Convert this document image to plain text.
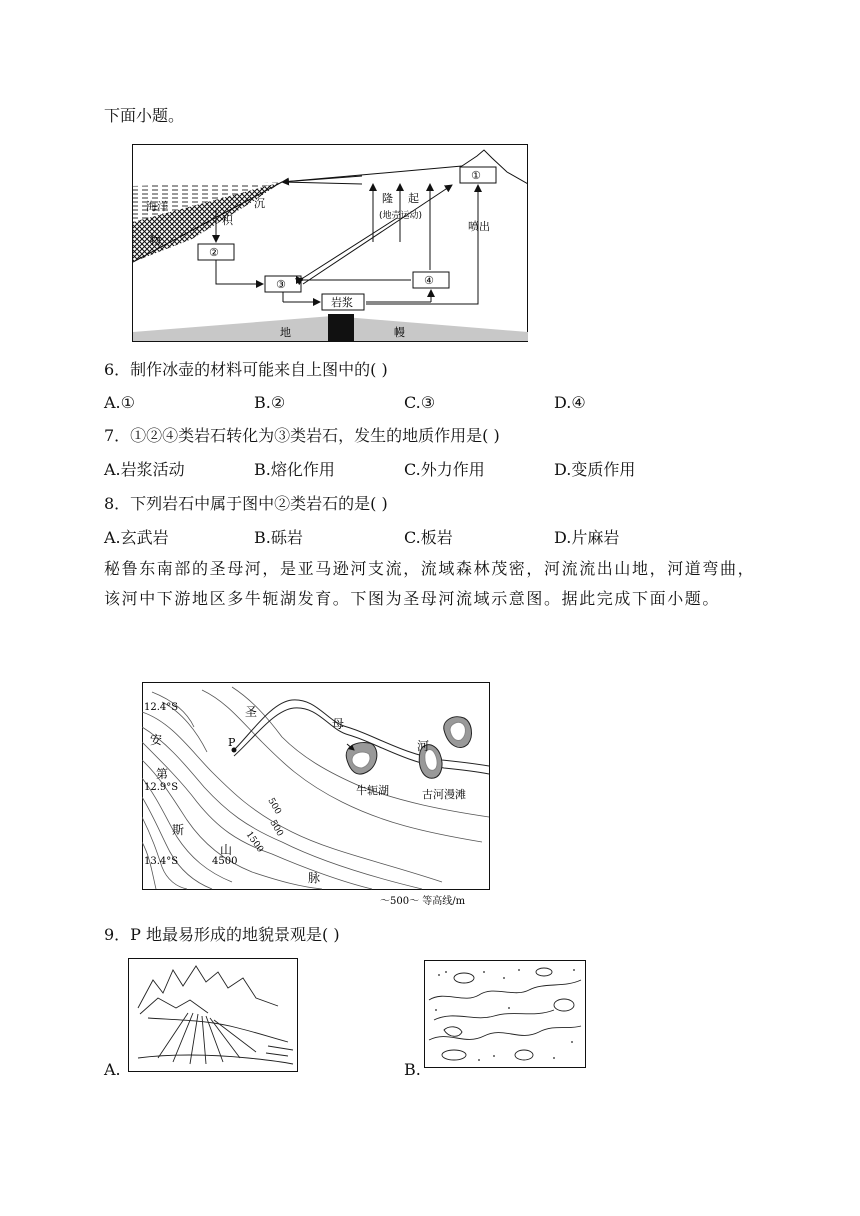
下面小题。
海洋
积
沉
物
②
③	④
①
岩浆
隆 起
(地壳运动)
喷出
地	幔
6．制作冰壶的材料可能来自上图中的( )
A.①	B.②	C.③	D.④
7．①②④类岩石转化为③类岩石，发生的地质作用是( )
A.岩浆活动	B.熔化作用	C.外力作用	D.变质作用
8．下列岩石中属于图中②类岩石的是( )
A.玄武岩	B.砾岩	C.板岩	D.片麻岩
秘鲁东南部的圣母河，是亚马逊河支流，流域森林茂密，河流流出山地，河道弯曲，该河中下游地区多牛轭湖发育。下图为圣母河流域示意图。据此完成下面小题。
12.4°S
12.9°S
13.4°S
P
圣
母
河
安
第
斯
山
脉
牛轭湖	古河漫滩
500
500
1500
4500
～500～ 等高线/m
9．P 地最易形成的地貌景观是( )
A.	B.
